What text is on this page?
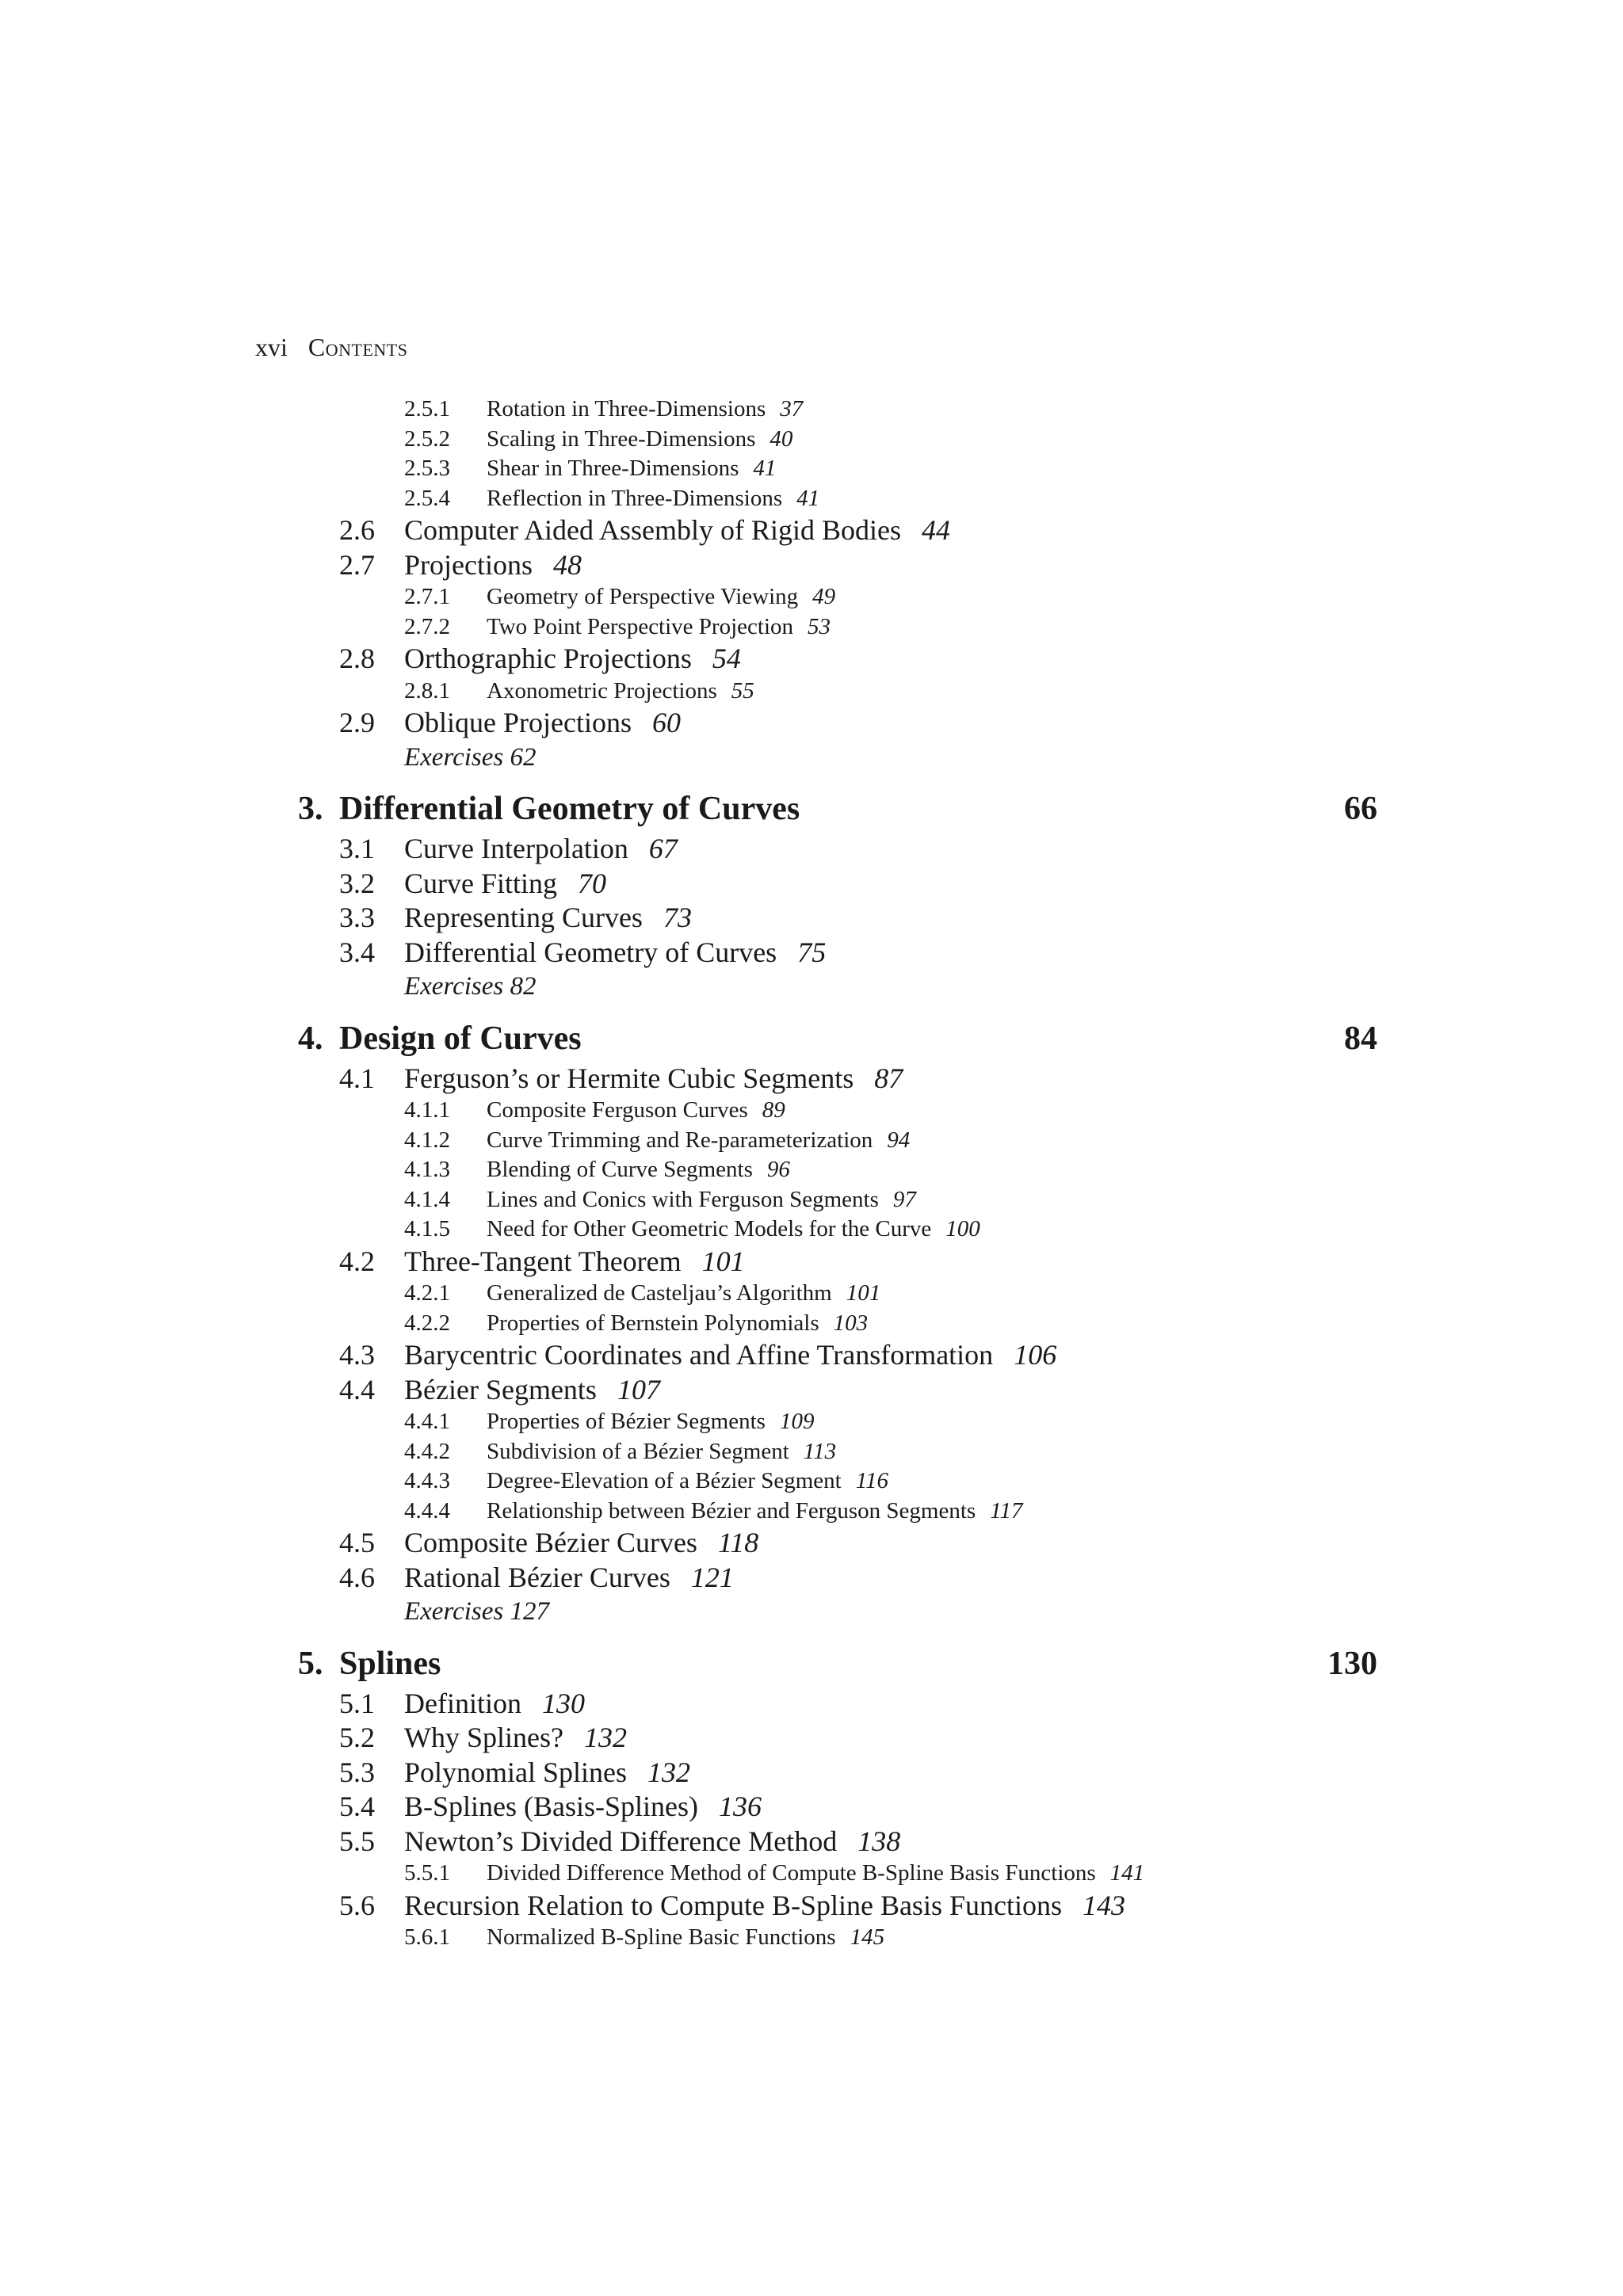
xvi Contents
2.5.1 Rotation in Three-Dimensions 37
2.5.2 Scaling in Three-Dimensions 40
2.5.3 Shear in Three-Dimensions 41
2.5.4 Reflection in Three-Dimensions 41
2.6 Computer Aided Assembly of Rigid Bodies 44
2.7 Projections 48
2.7.1 Geometry of Perspective Viewing 49
2.7.2 Two Point Perspective Projection 53
2.8 Orthographic Projections 54
2.8.1 Axonometric Projections 55
2.9 Oblique Projections 60
Exercises 62
3. Differential Geometry of Curves	66
3.1 Curve Interpolation 67
3.2 Curve Fitting 70
3.3 Representing Curves 73
3.4 Differential Geometry of Curves 75
Exercises 82
4. Design of Curves	84
4.1 Ferguson’s or Hermite Cubic Segments 87
4.1.1 Composite Ferguson Curves 89
4.1.2 Curve Trimming and Re-parameterization 94
4.1.3 Blending of Curve Segments 96
4.1.4 Lines and Conics with Ferguson Segments 97
4.1.5 Need for Other Geometric Models for the Curve 100
4.2 Three-Tangent Theorem 101
4.2.1 Generalized de Casteljau’s Algorithm 101
4.2.2 Properties of Bernstein Polynomials 103
4.3 Barycentric Coordinates and Affine Transformation 106
4.4 Bézier Segments 107
4.4.1 Properties of Bézier Segments 109
4.4.2 Subdivision of a Bézier Segment 113
4.4.3 Degree-Elevation of a Bézier Segment 116
4.4.4 Relationship between Bézier and Ferguson Segments 117
4.5 Composite Bézier Curves 118
4.6 Rational Bézier Curves 121
Exercises 127
5. Splines	130
5.1 Definition 130
5.2 Why Splines? 132
5.3 Polynomial Splines 132
5.4 B-Splines (Basis-Splines) 136
5.5 Newton’s Divided Difference Method 138
5.5.1 Divided Difference Method of Compute B-Spline Basis Functions 141
5.6 Recursion Relation to Compute B-Spline Basis Functions 143
5.6.1 Normalized B-Spline Basic Functions 145
